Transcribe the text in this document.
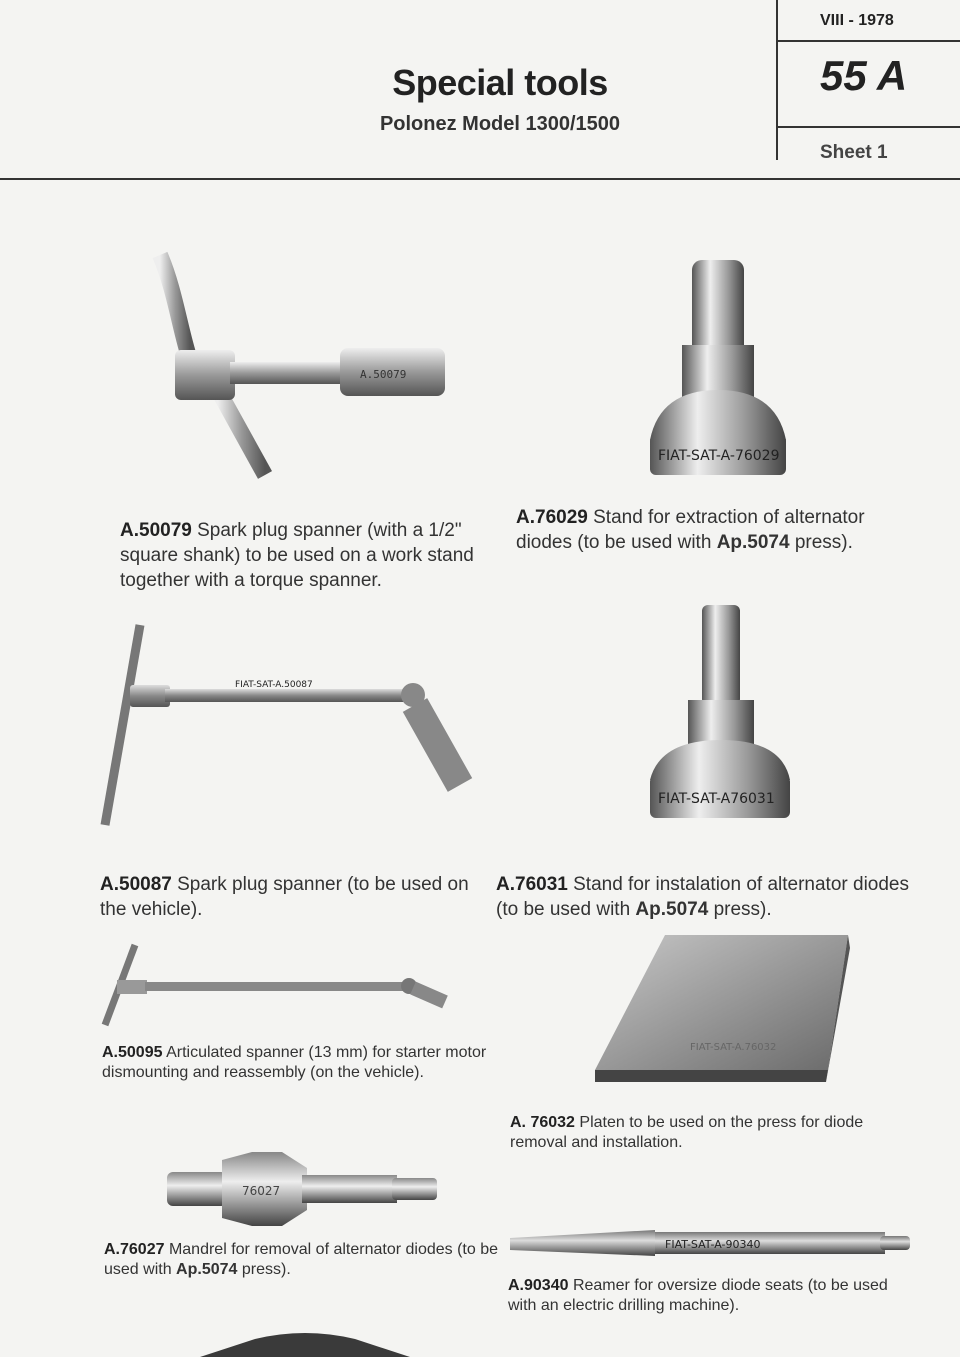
VIII - 1978
Special tools
Polonez Model 1300/1500
55 A
Sheet 1
A.50079
A.50079 Spark plug spanner (with a 1/2" square shank) to be used on a work stand together with a torque spanner.
FIAT-SAT-A-76029
A.76029 Stand for extraction of alternator diodes (to be used with Ap.5074 press).
FIAT-SAT-A.50087
A.50087 Spark plug spanner (to be used on the vehicle).
FIAT-SAT-A76031
A.76031 Stand for instalation of alternator diodes (to be used with Ap.5074 press).
A.50095 Articulated spanner (13 mm) for starter motor dismounting and reassembly (on the vehicle).
FIAT-SAT-A.76032
A. 76032 Platen to be used on the press for diode removal and installation.
76027
A.76027 Mandrel for removal of alternator diodes (to be used with Ap.5074 press).
FIAT-SAT-A-90340
A.90340 Reamer for oversize diode seats (to be used with an electric drilling machine).
